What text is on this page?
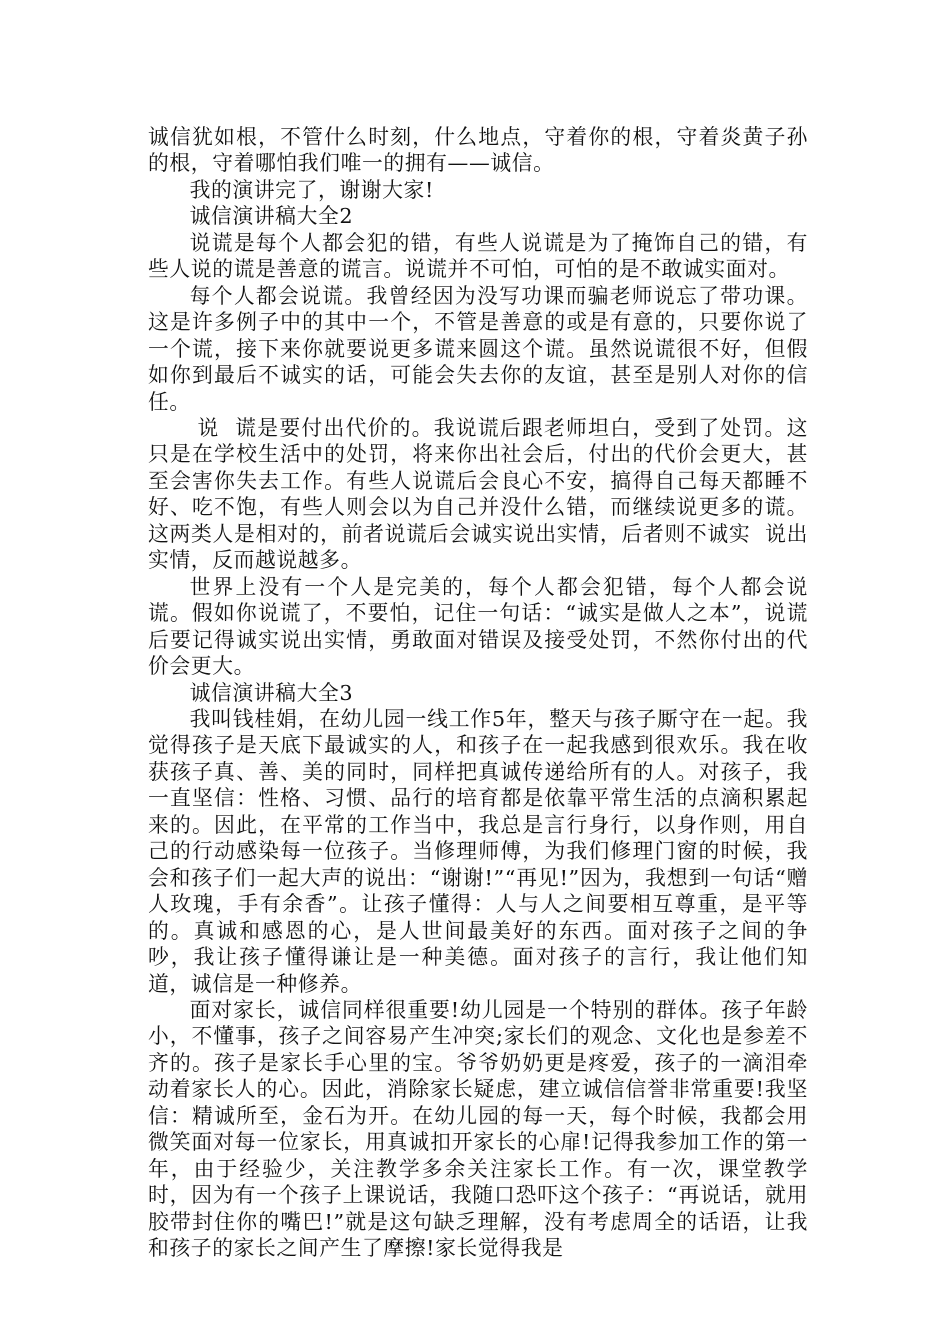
诚信犹如根，不管什么时刻，什么地点，守着你的根，守着炎黄子孙的根，守着哪怕我们唯一的拥有——诚信。

我的演讲完了，谢谢大家!

诚信演讲稿大全2

说谎是每个人都会犯的错，有些人说谎是为了掩饰自己的错，有些人说的谎是善意的谎言。说谎并不可怕，可怕的是不敢诚实面对。

每个人都会说谎。我曾经因为没写功课而骗老师说忘了带功课。这是许多例子中的其中一个，不管是善意的或是有意的，只要你说了一个谎，接下来你就要说更多谎来圆这个谎。虽然说谎很不好，但假如你到最后不诚实的话，可能会失去你的友谊，甚至是别人对你的信任。

说  谎是要付出代价的。我说谎后跟老师坦白，受到了处罚。这只是在学校生活中的处罚，将来你出社会后，付出的代价会更大，甚至会害你失去工作。有些人说谎后会良心不安，搞得自己每天都睡不好、吃不饱，有些人则会以为自己并没什么错，而继续说更多的谎。这两类人是相对的，前者说谎后会诚实说出实情，后者则不诚实  说出实情，反而越说越多。

世界上没有一个人是完美的，每个人都会犯错，每个人都会说谎。假如你说谎了，不要怕，记住一句话：“诚实是做人之本”，说谎后要记得诚实说出实情，勇敢面对错误及接受处罚，不然你付出的代价会更大。

诚信演讲稿大全3

我叫钱桂娟，在幼儿园一线工作5年，整天与孩子厮守在一起。我觉得孩子是天底下最诚实的人，和孩子在一起我感到很欢乐。我在收获孩子真、善、美的同时，同样把真诚传递给所有的人。对孩子，我一直坚信：性格、习惯、品行的培育都是依靠平常生活的点滴积累起来的。因此，在平常的工作当中，我总是言行身行，以身作则，用自己的行动感染每一位孩子。当修理师傅，为我们修理门窗的时候，我会和孩子们一起大声的说出：“谢谢!”“再见!”因为，我想到一句话“赠人玫瑰，手有余香”。让孩子懂得：人与人之间要相互尊重，是平等的。真诚和感恩的心，是人世间最美好的东西。面对孩子之间的争吵，我让孩子懂得谦让是一种美德。面对孩子的言行，我让他们知道，诚信是一种修养。

面对家长，诚信同样很重要!幼儿园是一个特别的群体。孩子年龄小，不懂事，孩子之间容易产生冲突;家长们的观念、文化也是参差不齐的。孩子是家长手心里的宝。爷爷奶奶更是疼爱，孩子的一滴泪牵动着家长人的心。因此，消除家长疑虑，建立诚信信誉非常重要!我坚信：精诚所至，金石为开。在幼儿园的每一天，每个时候，我都会用微笑面对每一位家长，用真诚扣开家长的心扉!记得我参加工作的第一年，由于经验少，关注教学多余关注家长工作。有一次，课堂教学时，因为有一个孩子上课说话，我随口恐吓这个孩子：“再说话，就用胶带封住你的嘴巴!”就是这句缺乏理解，没有考虑周全的话语，让我和孩子的家长之间产生了摩擦!家长觉得我是
